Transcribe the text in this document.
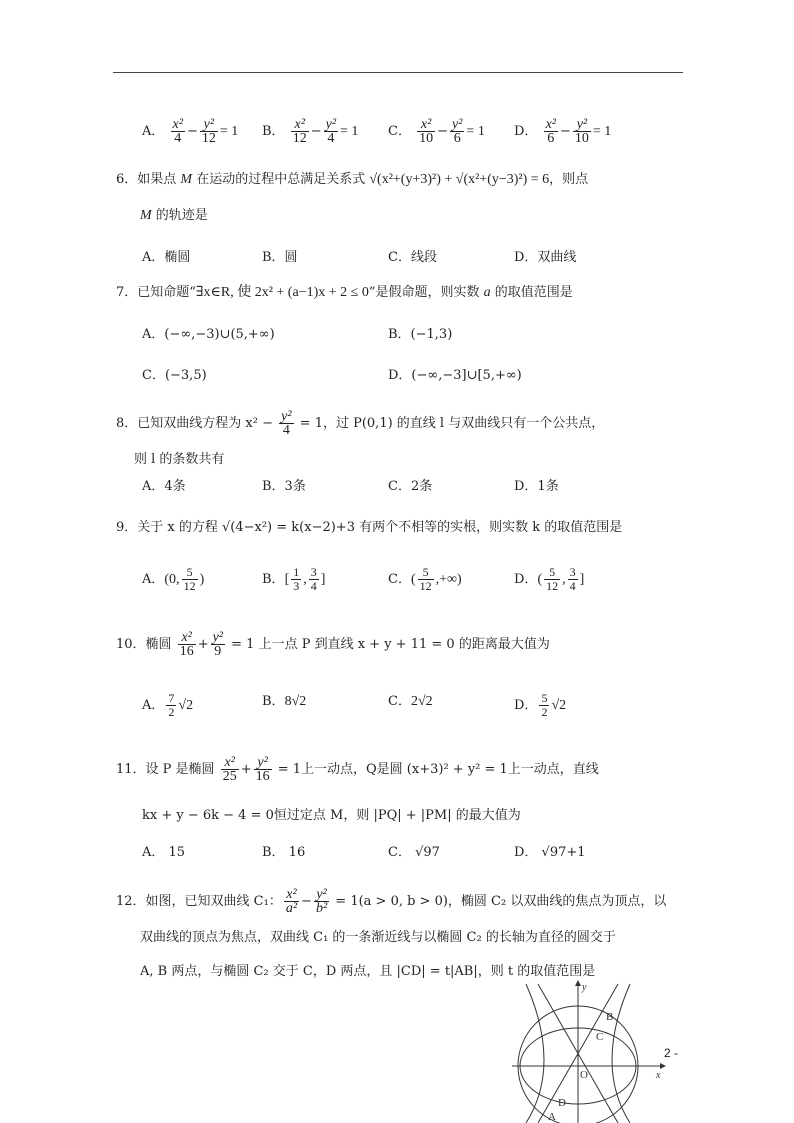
A． $\frac{\text{x²}}{4} - \frac{\text{y²}}{12} = 1$ B． $\frac{\text{x²}}{12} - \frac{\text{y²}}{4} = 1$ C． $\frac{\text{x²}}{10} - \frac{\text{y²}}{6} = 1$ D． $\frac{\text{x²}}{6} - \frac{\text{y²}}{10} = 1$
6．如果点 M 在运动的过程中总满足关系式 √(x²+(y+3)²) + √(x²+(y−3)²) = 6，则点
M 的轨迹是
A．椭圆	B．圆	C．线段	D．双曲线
7．已知命题“∃x∈R, 使 2x² + (a−1)x + 2 ≤ 0”是假命题，则实数 a 的取值范围是
A．(−∞,−3)∪(5,+∞)	B．(−1,3)
C．(−3,5)	D．(−∞,−3]∪[5,+∞)
8．已知双曲线方程为 $x^2 - \frac{\text{y²}}{4} = 1$，过 P(0,1) 的直线 l 与双曲线只有一个公共点，
则 l 的条数共有
A．4条	B．3条	C．2条	D．1条
9．关于 x 的方程 √(4−x²) = k(x−2)+3 有两个不相等的实根，则实数 k 的取值范围是
A．(0, $\frac{5}{12}$ )	B．[ $\frac{1}{3}$ , $\frac{3}{4}$ ]	C．( $\frac{5}{12}$ ,+∞)	D．( $\frac{5}{12}$ , $\frac{3}{4}$ ]
10．椭圆 $\frac{\text{x²}}{16} + \frac{\text{y²}}{9} = 1$ 上一点 P 到直线 x + y + 11 = 0 的距离最大值为
A． $\frac{7}{2} √2$	B．8√2	C．2√2	D． $\frac{5}{2} √2$
11．设 P 是椭圆 $\frac{\text{x²}}{25} + \frac{\text{y²}}{16} = 1$上一动点，Q是圆 (x+3)² + y² = 1上一动点，直线
kx + y − 6k − 4 = 0恒过定点 M，则 |PQ| + |PM| 的最大值为
A． 15	B． 16	C． √97	D． √97+1
12．如图，已知双曲线 C₁： $\frac{\text{x²}}{\text{a²}} - \frac{\text{y²}}{\text{b²}} = 1(a > 0$, b > 0)，椭圆 C₂ 以双曲线的焦点为顶点，以
双曲线的顶点为焦点，双曲线 C₁ 的一条渐近线与以椭圆 C₂ 的长轴为直径的圆交于
A, B 两点，与椭圆 C₂ 交于 C，D 两点，且 |CD| = t|AB|，则 t 的取值范围是
y
x
O
B
C
D
A
2 -
